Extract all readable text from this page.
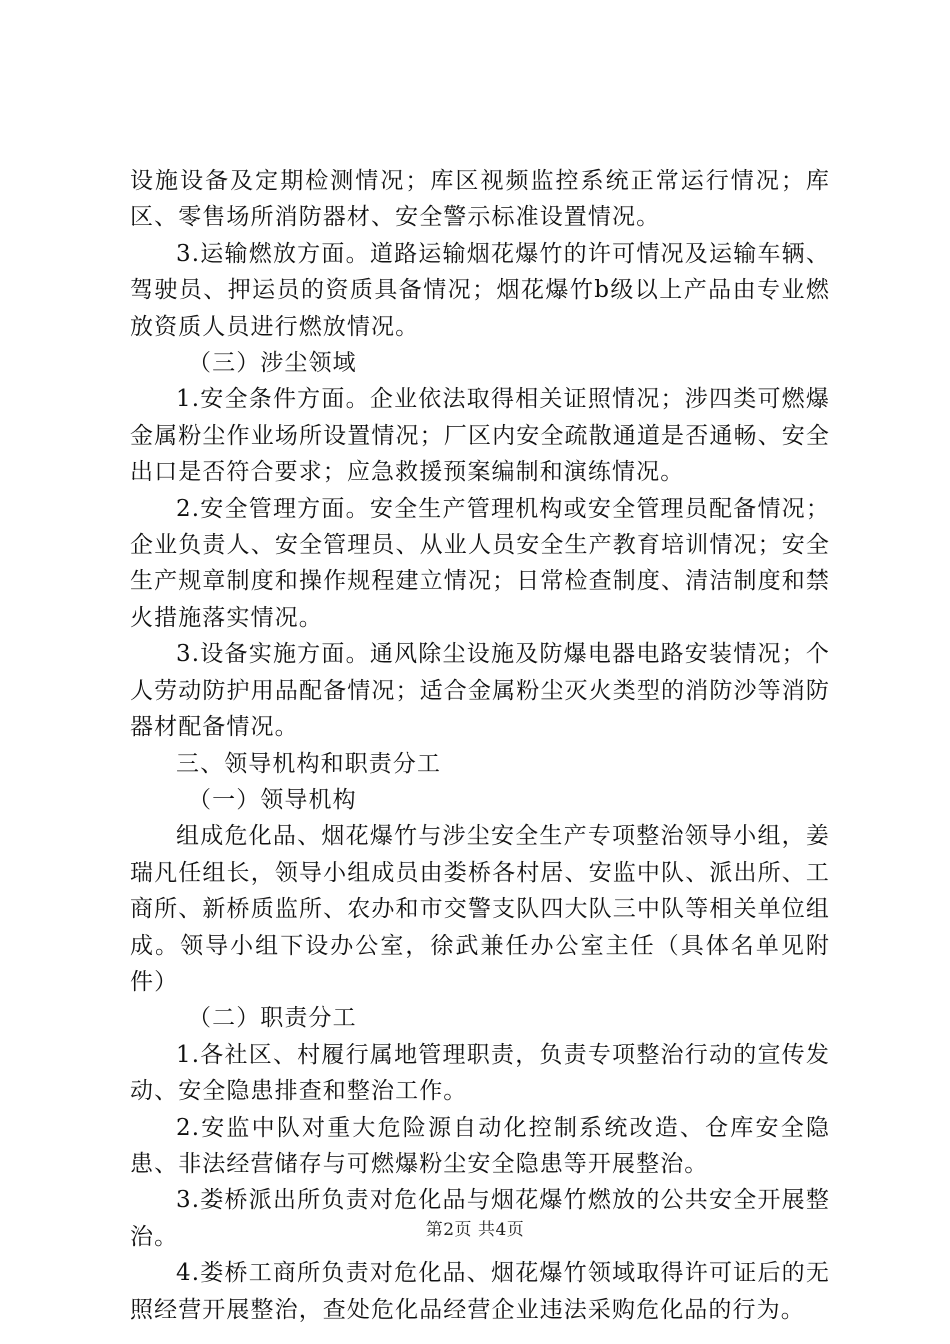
设施设备及定期检测情况；库区视频监控系统正常运行情况；库区、零售场所消防器材、安全警示标准设置情况。

3.运输燃放方面。道路运输烟花爆竹的许可情况及运输车辆、驾驶员、押运员的资质具备情况；烟花爆竹b级以上产品由专业燃放资质人员进行燃放情况。

（三）涉尘领域

1.安全条件方面。企业依法取得相关证照情况；涉四类可燃爆金属粉尘作业场所设置情况；厂区内安全疏散通道是否通畅、安全出口是否符合要求；应急救援预案编制和演练情况。

2.安全管理方面。安全生产管理机构或安全管理员配备情况；企业负责人、安全管理员、从业人员安全生产教育培训情况；安全生产规章制度和操作规程建立情况；日常检查制度、清洁制度和禁火措施落实情况。

3.设备实施方面。通风除尘设施及防爆电器电路安装情况；个人劳动防护用品配备情况；适合金属粉尘灭火类型的消防沙等消防器材配备情况。

三、领导机构和职责分工

（一）领导机构

组成危化品、烟花爆竹与涉尘安全生产专项整治领导小组，姜瑞凡任组长，领导小组成员由娄桥各村居、安监中队、派出所、工商所、新桥质监所、农办和市交警支队四大队三中队等相关单位组成。领导小组下设办公室，徐武兼任办公室主任（具体名单见附件）

（二）职责分工

1.各社区、村履行属地管理职责，负责专项整治行动的宣传发动、安全隐患排查和整治工作。

2.安监中队对重大危险源自动化控制系统改造、仓库安全隐患、非法经营储存与可燃爆粉尘安全隐患等开展整治。

3.娄桥派出所负责对危化品与烟花爆竹燃放的公共安全开展整治。

4.娄桥工商所负责对危化品、烟花爆竹领域取得许可证后的无照经营开展整治，查处危化品经营企业违法采购危化品的行为。

第2页 共4页
